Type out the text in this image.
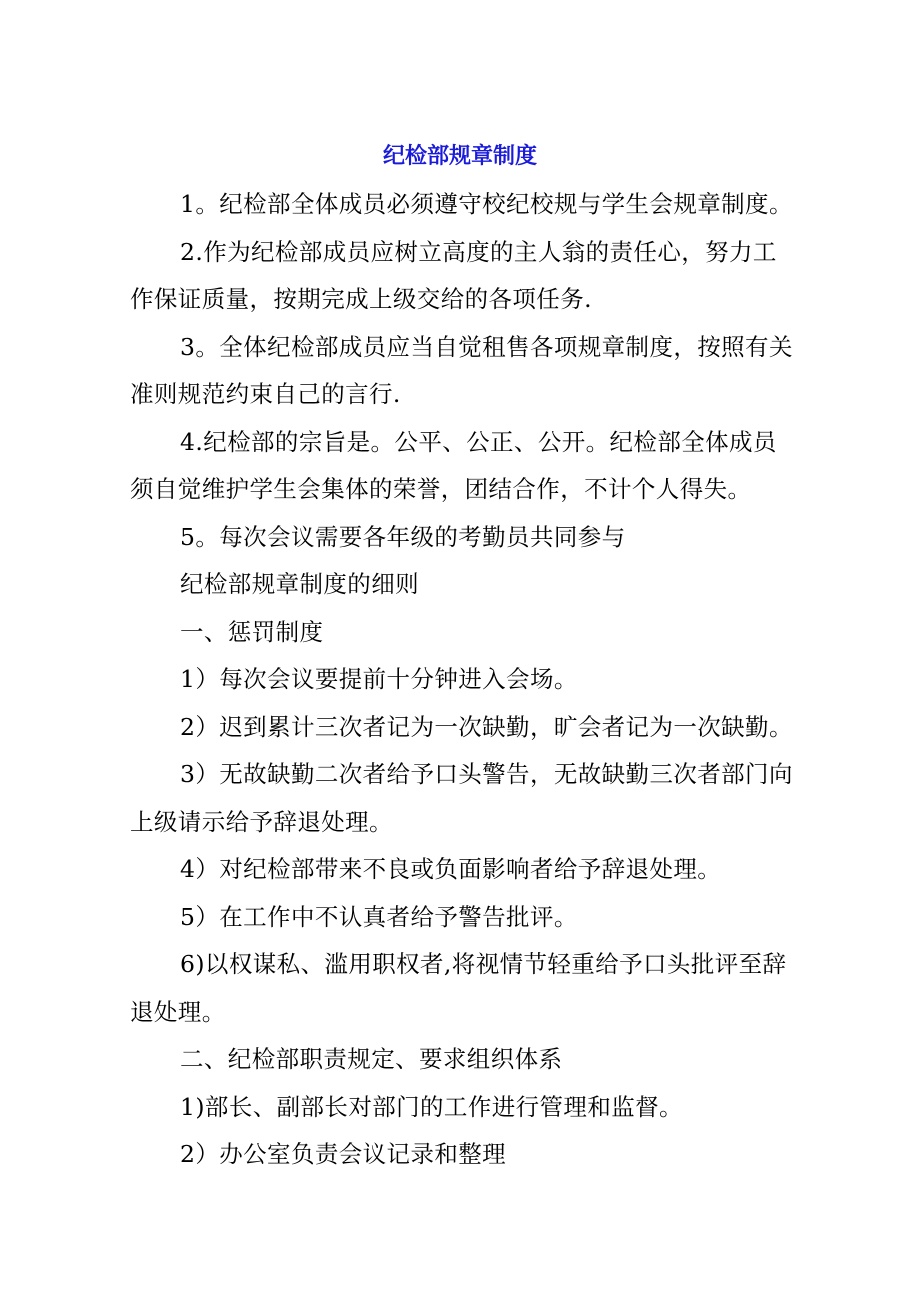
纪检部规章制度
1。纪检部全体成员必须遵守校纪校规与学生会规章制度。
2.作为纪检部成员应树立高度的主人翁的责任心，努力工
作保证质量，按期完成上级交给的各项任务.
3。全体纪检部成员应当自觉租售各项规章制度，按照有关
准则规范约束自己的言行.
4.纪检部的宗旨是。公平、公正、公开。纪检部全体成员
须自觉维护学生会集体的荣誉，团结合作，不计个人得失。
5。每次会议需要各年级的考勤员共同参与
纪检部规章制度的细则
一、惩罚制度
1）每次会议要提前十分钟进入会场。
2）迟到累计三次者记为一次缺勤，旷会者记为一次缺勤。
3）无故缺勤二次者给予口头警告，无故缺勤三次者部门向
上级请示给予辞退处理。
4）对纪检部带来不良或负面影响者给予辞退处理。
5）在工作中不认真者给予警告批评。
6)以权谋私、滥用职权者,将视情节轻重给予口头批评至辞
退处理。
二、纪检部职责规定、要求组织体系
1)部长、副部长对部门的工作进行管理和监督。
2）办公室负责会议记录和整理
